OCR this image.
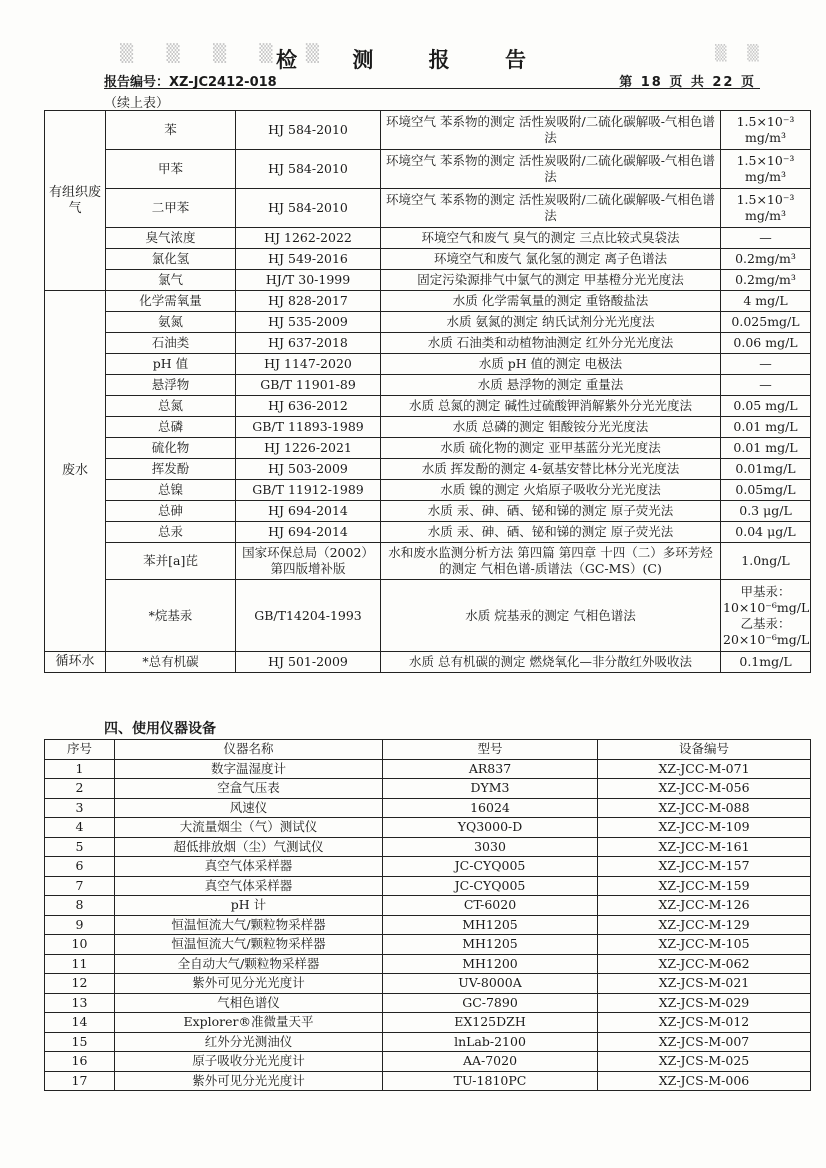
▒ ▒ ▒ ▒ ▒
检 测 报 告	▒ ▒
报告编号：XZ-JC2412-018	第 18 页 共 22 页
（续上表）
有组织废气	苯	HJ 584-2010	环境空气 苯系物的测定 活性炭吸附/二硫化碳解吸-气相色谱法	1.5×10⁻³ mg/m³
	甲苯	HJ 584-2010	环境空气 苯系物的测定 活性炭吸附/二硫化碳解吸-气相色谱法	1.5×10⁻³ mg/m³
	二甲苯	HJ 584-2010	环境空气 苯系物的测定 活性炭吸附/二硫化碳解吸-气相色谱法	1.5×10⁻³ mg/m³
	臭气浓度	HJ 1262-2022	环境空气和废气 臭气的测定 三点比较式臭袋法	—
	氯化氢	HJ 549-2016	环境空气和废气 氯化氢的测定 离子色谱法	0.2mg/m³
	氯气	HJ/T 30-1999	固定污染源排气中氯气的测定 甲基橙分光光度法	0.2mg/m³
废水	化学需氧量	HJ 828-2017	水质 化学需氧量的测定 重铬酸盐法	4 mg/L
	氨氮	HJ 535-2009	水质 氨氮的测定 纳氏试剂分光光度法	0.025mg/L
	石油类	HJ 637-2018	水质 石油类和动植物油测定 红外分光光度法	0.06 mg/L
	pH 值	HJ 1147-2020	水质 pH 值的测定 电极法	—
	悬浮物	GB/T 11901-89	水质 悬浮物的测定 重量法	—
	总氮	HJ 636-2012	水质 总氮的测定 碱性过硫酸钾消解紫外分光光度法	0.05 mg/L
	总磷	GB/T 11893-1989	水质 总磷的测定 钼酸铵分光光度法	0.01 mg/L
	硫化物	HJ 1226-2021	水质 硫化物的测定 亚甲基蓝分光光度法	0.01 mg/L
	挥发酚	HJ 503-2009	水质 挥发酚的测定 4-氨基安替比林分光光度法	0.01mg/L
	总镍	GB/T 11912-1989	水质 镍的测定 火焰原子吸收分光光度法	0.05mg/L
	总砷	HJ 694-2014	水质 汞、砷、硒、铋和锑的测定 原子荧光法	0.3 μg/L
	总汞	HJ 694-2014	水质 汞、砷、硒、铋和锑的测定 原子荧光法	0.04 μg/L
	苯并[a]芘	国家环保总局（2002）第四版增补版	水和废水监测分析方法 第四篇 第四章 十四（二）多环芳烃的测定 气相色谱-质谱法（GC-MS）(C)	1.0ng/L
	*烷基汞	GB/T14204-1993	水质 烷基汞的测定 气相色谱法	甲基汞：10×10⁻⁶mg/L 乙基汞：20×10⁻⁶mg/L
循环水	*总有机碳	HJ 501-2009	水质 总有机碳的测定 燃烧氧化—非分散红外吸收法	0.1mg/L
四、使用仪器设备
序号	仪器名称	型号	设备编号
1	数字温湿度计	AR837	XZ-JCC-M-071
2	空盒气压表	DYM3	XZ-JCC-M-056
3	风速仪	16024	XZ-JCC-M-088
4	大流量烟尘（气）测试仪	YQ3000-D	XZ-JCC-M-109
5	超低排放烟（尘）气测试仪	3030	XZ-JCC-M-161
6	真空气体采样器	JC-CYQ005	XZ-JCC-M-157
7	真空气体采样器	JC-CYQ005	XZ-JCC-M-159
8	pH 计	CT-6020	XZ-JCC-M-126
9	恒温恒流大气/颗粒物采样器	MH1205	XZ-JCC-M-129
10	恒温恒流大气/颗粒物采样器	MH1205	XZ-JCC-M-105
11	全自动大气/颗粒物采样器	MH1200	XZ-JCC-M-062
12	紫外可见分光光度计	UV-8000A	XZ-JCS-M-021
13	气相色谱仪	GC-7890	XZ-JCS-M-029
14	Explorer®准微量天平	EX125DZH	XZ-JCS-M-012
15	红外分光测油仪	lnLab-2100	XZ-JCS-M-007
16	原子吸收分光光度计	AA-7020	XZ-JCS-M-025
17	紫外可见分光光度计	TU-1810PC	XZ-JCS-M-006
